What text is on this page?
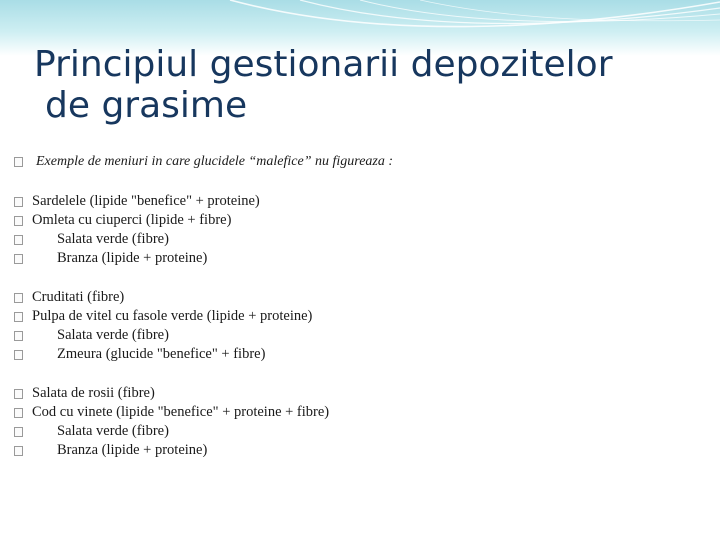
Principiul gestionarii depozitelor
de grasime
Exemple de meniuri in care glucidele “malefice” nu figureaza :
Sardelele (lipide "benefice" + proteine)
Omleta cu ciuperci (lipide + fibre)
Salata verde (fibre)
Branza (lipide + proteine)
Cruditati (fibre)
Pulpa de vitel cu fasole verde (lipide + proteine)
Salata verde (fibre)
Zmeura (glucide "benefice" + fibre)
Salata de rosii (fibre)
Cod cu vinete (lipide "benefice" + proteine + fibre)
Salata verde (fibre)
Branza (lipide + proteine)
